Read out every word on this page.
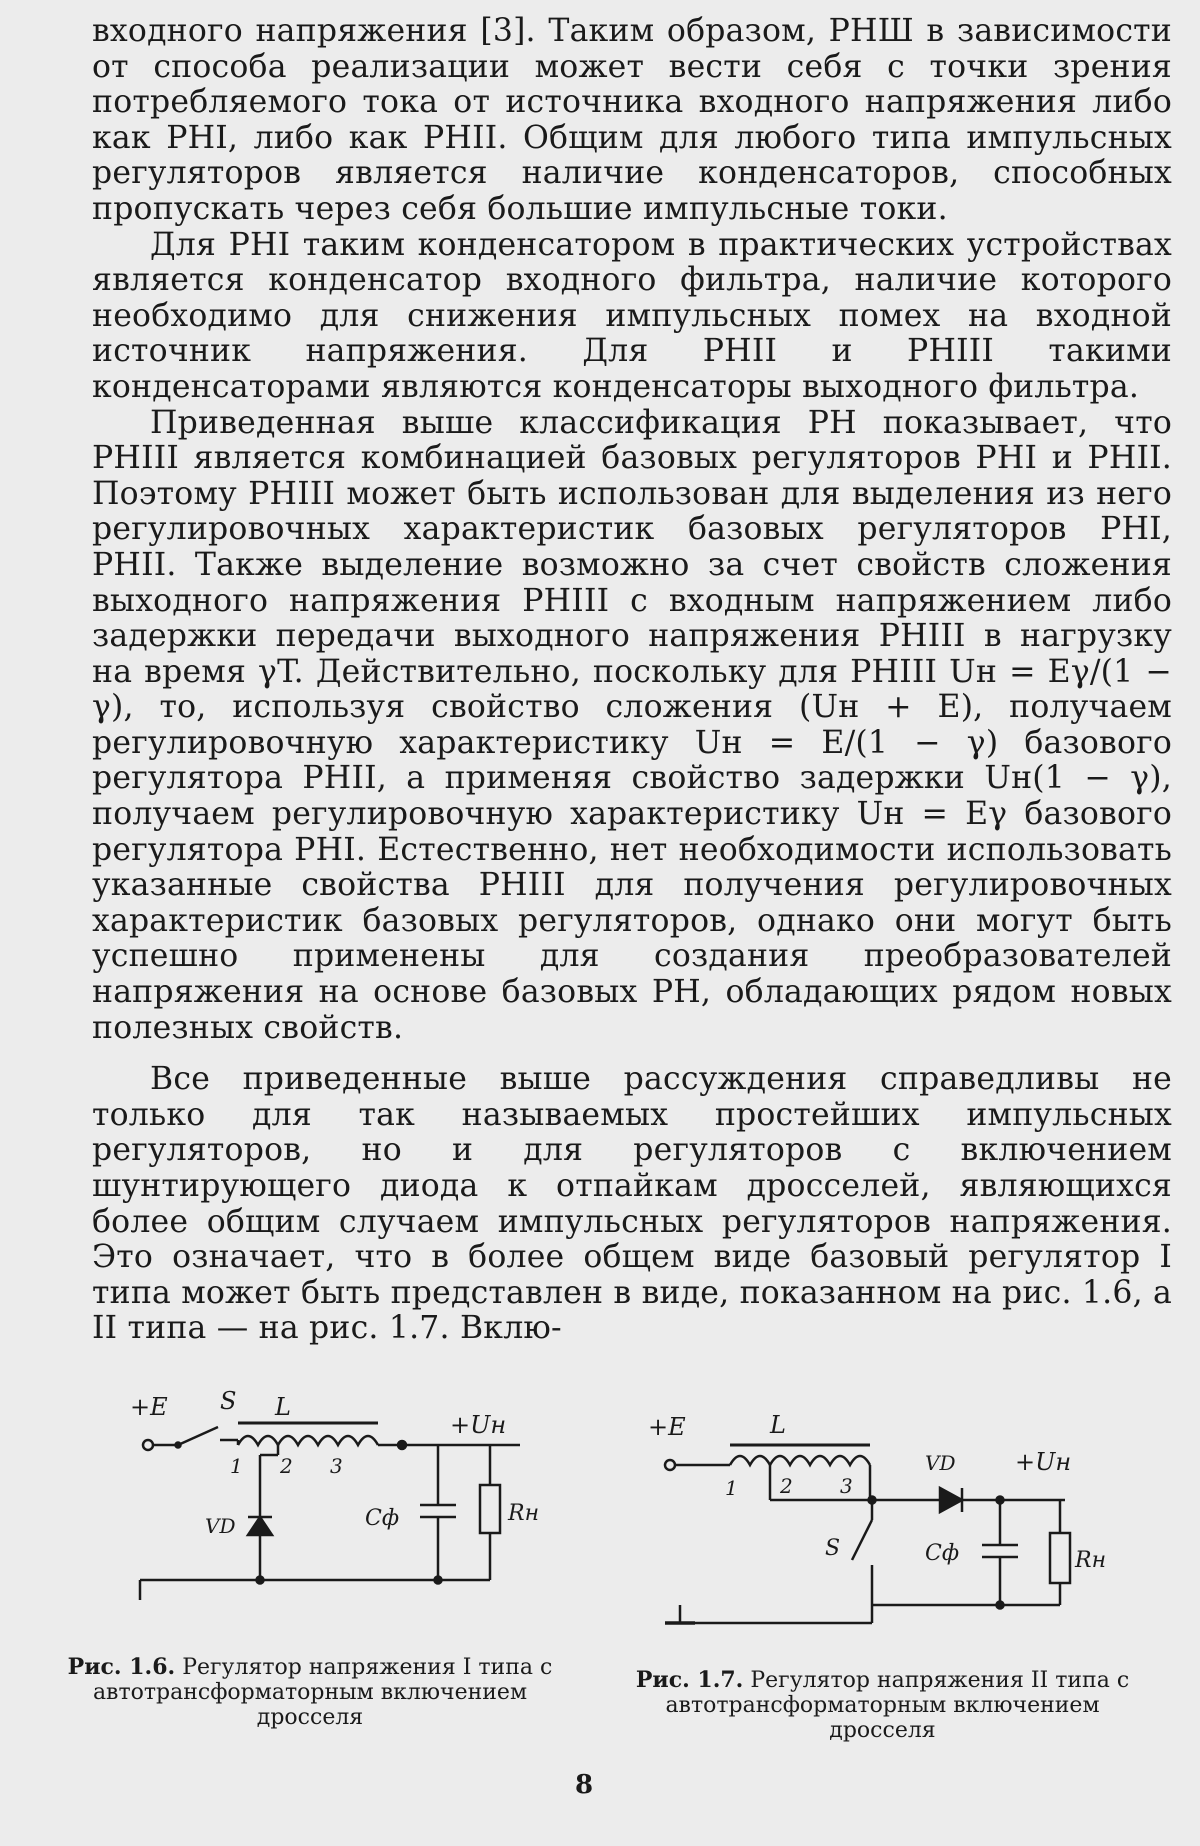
входного напряжения [3]. Таким образом, РНШ в зависимости от способа реализации может вести себя с точки зрения потребляемого тока от источника входного напряжения либо как РНI, либо как РНII. Общим для любого типа импульсных регуляторов является наличие конденсаторов, способных пропускать через себя большие импульсные токи.

Для РНI таким конденсатором в практических устройствах является конденсатор входного фильтра, наличие которого необходимо для снижения импульсных помех на входной источник напряжения. Для РНII и РНIII такими конденсаторами являются конденсаторы выходного фильтра.

Приведенная выше классификация РН показывает, что РНIII является комбинацией базовых регуляторов РНI и РНII. Поэтому РНIII может быть использован для выделения из него регулировочных характеристик базовых регуляторов РНI, РНII. Также выделение возможно за счет свойств сложения выходного напряжения РНIII с входным напряжением либо задержки передачи выходного напряжения РНIII в нагрузку на время γT. Действительно, поскольку для РНIII Uн = Eγ/(1 − γ), то, используя свойство сложения (Uн + E), получаем регулировочную характеристику Uн = E/(1 − γ) базового регулятора РНII, а применяя свойство задержки Uн(1 − γ), получаем регулировочную характеристику Uн = Eγ базового регулятора РНI. Естественно, нет необходимости использовать указанные свойства РНIII для получения регулировочных характеристик базовых регуляторов, однако они могут быть успешно применены для создания преобразователей напряжения на основе базовых РН, обладающих рядом новых полезных свойств.

Все приведенные выше рассуждения справедливы не только для так называемых простейших импульсных регуляторов, но и для регуляторов с включением шунтирующего диода к отпайкам дросселей, являющихся более общим случаем импульсных регуляторов напряжения. Это означает, что в более общем виде базовый регулятор I типа может быть представлен в виде, показанном на рис. 1.6, а II типа — на рис. 1.7. Вклю-

+E S L
1 2 3
VD
+Uн
Cф	Rн
Рис. 1.6. Регулятор напряжения I типа с автотрансформаторным включением дросселя
+E	L
1 2 3
VD +Uн
S	Cф	Rн
Рис. 1.7. Регулятор напряжения II типа с автотрансформаторным включением дросселя
8
